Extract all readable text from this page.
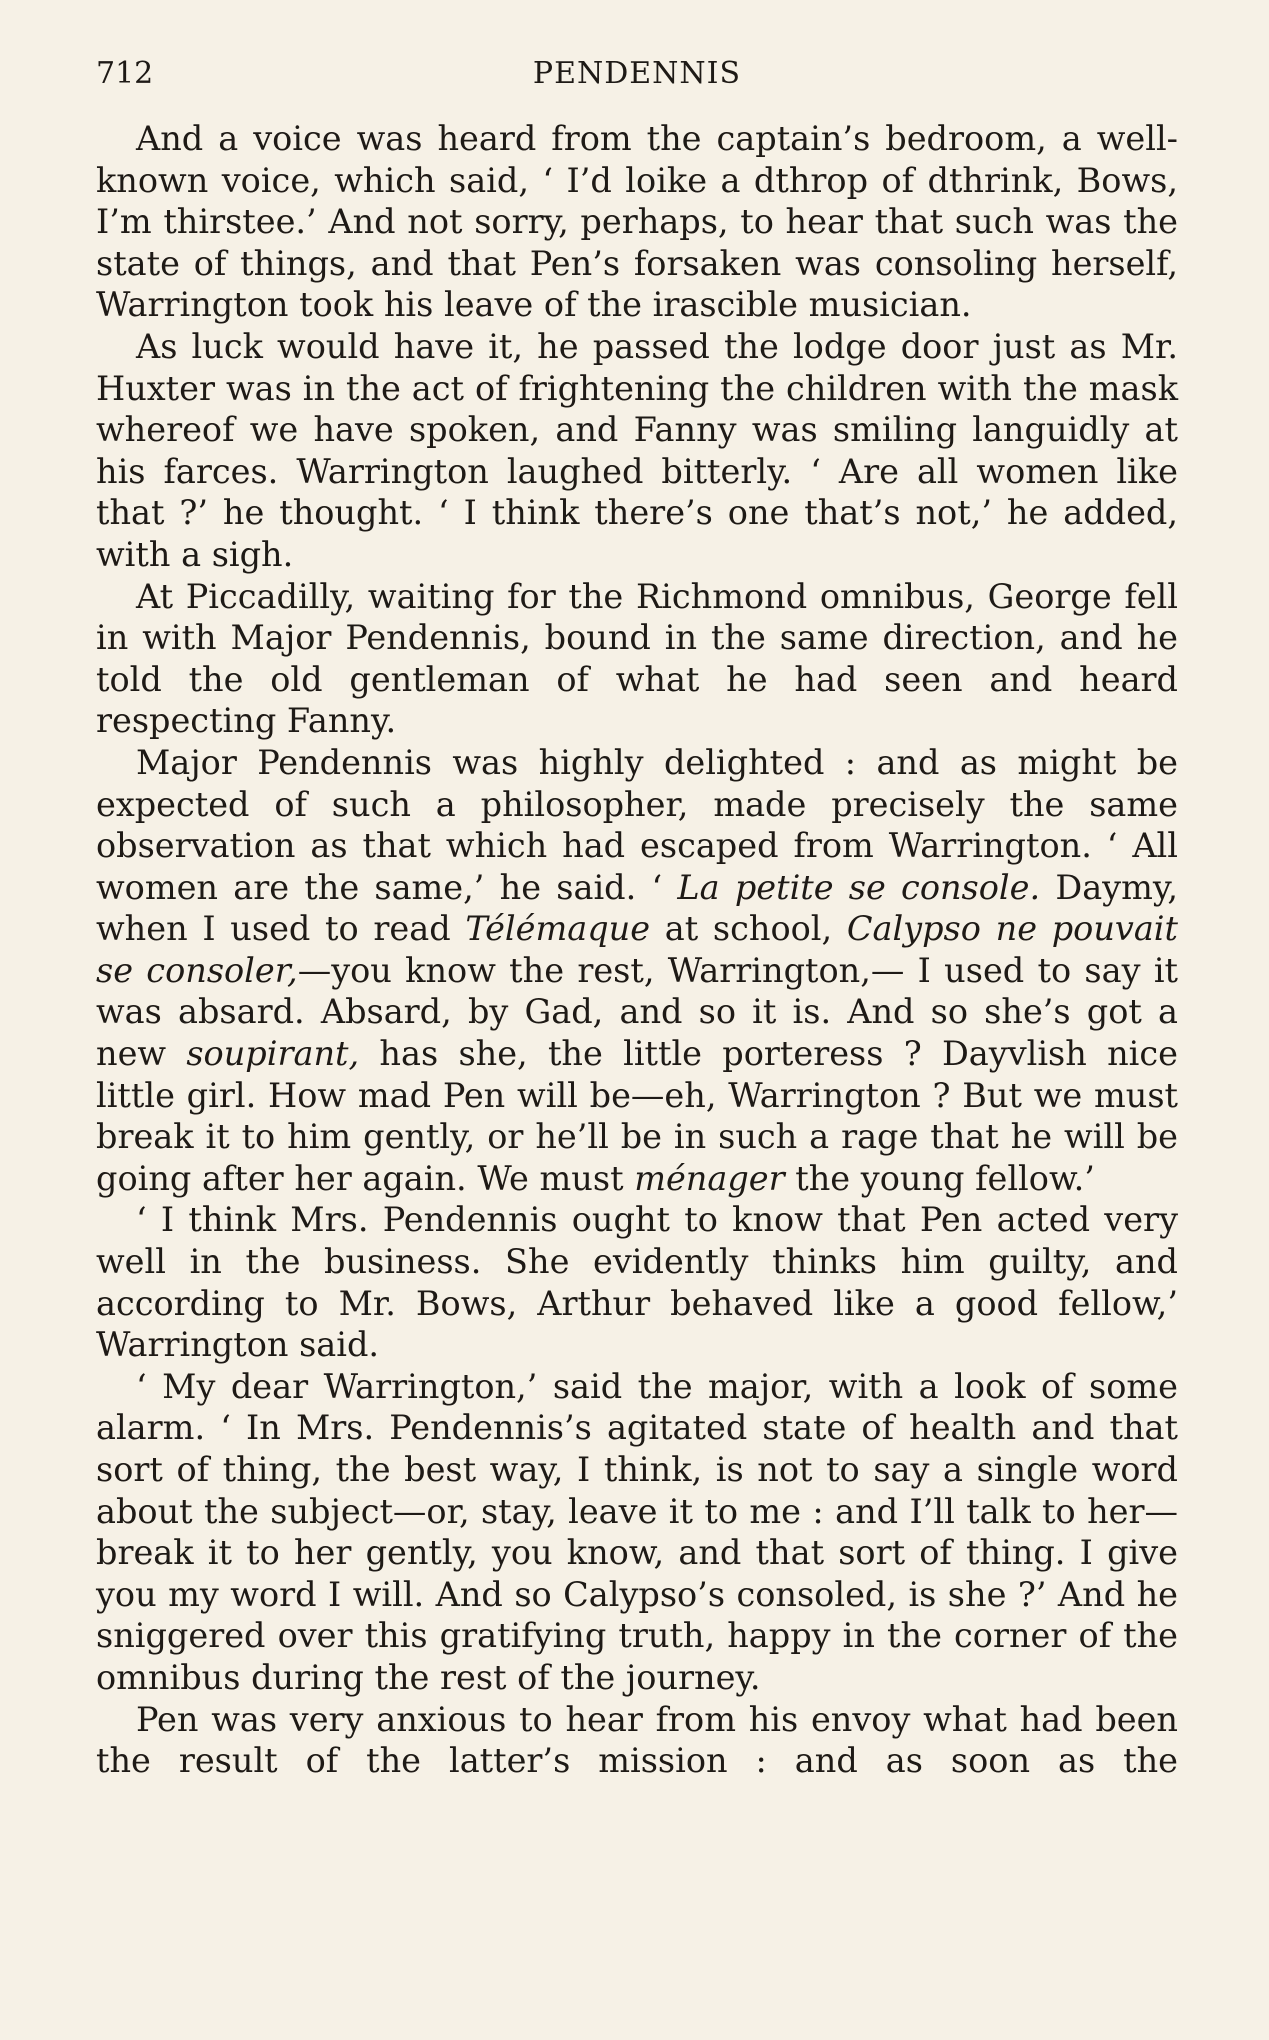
712	PENDENNIS

And a voice was heard from the captain’s bedroom, a well-known voice, which said, ‘ I’d loike a dthrop of dthrink, Bows, I’m thirstee.’ And not sorry, perhaps, to hear that such was the state of things, and that Pen’s forsaken was consoling herself, Warrington took his leave of the irascible musician.

As luck would have it, he passed the lodge door just as Mr. Huxter was in the act of frightening the children with the mask whereof we have spoken, and Fanny was smiling languidly at his farces. Warrington laughed bitterly. ‘ Are all women like that ?’ he thought. ‘ I think there’s one that’s not,’ he added, with a sigh.

At Piccadilly, waiting for the Richmond omnibus, George fell in with Major Pendennis, bound in the same direction, and he told the old gentleman of what he had seen and heard respecting Fanny.

Major Pendennis was highly delighted : and as might be expected of such a philosopher, made precisely the same observation as that which had escaped from Warrington. ‘ All women are the same,’ he said. ‘ La petite se console. Daymy, when I used to read Télémaque at school, Calypso ne pouvait se consoler,—you know the rest, Warrington,— I used to say it was absard. Absard, by Gad, and so it is. And so she’s got a new soupirant, has she, the little porteress ? Dayvlish nice little girl. How mad Pen will be—eh, Warrington ? But we must break it to him gently, or he’ll be in such a rage that he will be going after her again. We must ménager the young fellow.’

‘ I think Mrs. Pendennis ought to know that Pen acted very well in the business. She evidently thinks him guilty, and according to Mr. Bows, Arthur behaved like a good fellow,’ Warrington said.

‘ My dear Warrington,’ said the major, with a look of some alarm. ‘ In Mrs. Pendennis’s agitated state of health and that sort of thing, the best way, I think, is not to say a single word about the subject—or, stay, leave it to me : and I’ll talk to her—break it to her gently, you know, and that sort of thing. I give you my word I will. And so Calypso’s consoled, is she ?’ And he sniggered over this gratifying truth, happy in the corner of the omnibus during the rest of the journey.

Pen was very anxious to hear from his envoy what had been the result of the latter’s mission : and as soon as the
